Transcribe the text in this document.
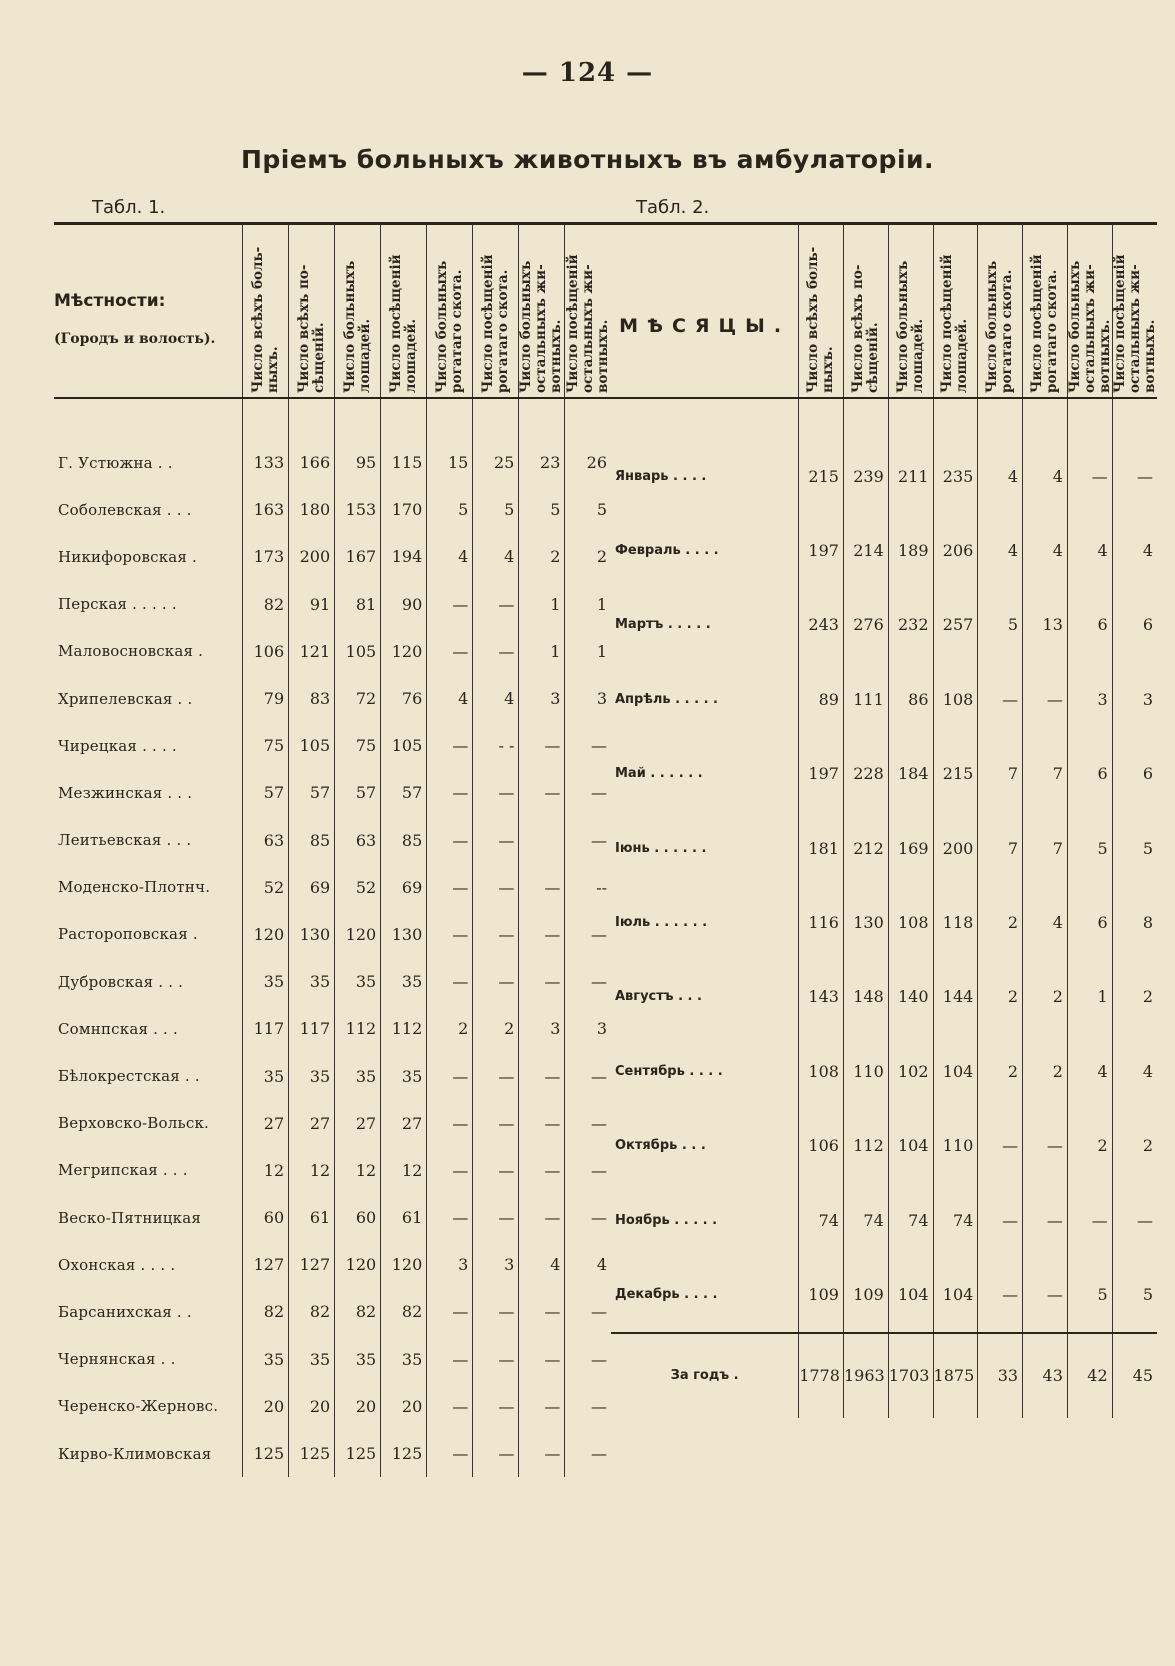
— 124 —
Пріемъ больныхъ животныхъ въ амбулаторіи.
Табл. 1.	Табл. 2.
Мѣстности:
(Городъ и волость).	Число всѣхъ боль-
ныхъ.	Число всѣхъ по-
сѣщеній.	Число больныхъ
лошадей.	Число посѣщеній
лошадей.	Число больныхъ
рогатаго скота.	Число посѣщеній
рогатаго скота.	Число больныхъ
остальныхъ жи-
вотныхъ.	Число посѣщеній
остальныхъ жи-
вотныхъ.

Г. Устюжна . .	133	166	95	115	15	25	23	26
Соболевская . . .	163	180	153	170	5	5	5	5
Никифоровская .	173	200	167	194	4	4	2	2
Перская . . . . .	82	91	81	90	—	—	1	1
Маловосновская .	106	121	105	120	—	—	1	1
Хрипелевская . .	79	83	72	76	4	4	3	3
Чирецкая . . . .	75	105	75	105	—	- -	—	—
Мезжинская . . .	57	57	57	57	—	—	—	—
Леитьевская . . .	63	85	63	85	—	—		—
Моденско-Плотнч.	52	69	52	69	—	—	—	--
Растороповская .	120	130	120	130	—	—	—	—
Дубровская . . .	35	35	35	35	—	—	—	—
Сомнпская . . .	117	117	112	112	2	2	3	3
Бѣлокрестская . .	35	35	35	35	—	—	—	—
Верховско-Вольск.	27	27	27	27	—	—	—	—
Мегрипская . . .	12	12	12	12	—	—	—	—
Веско-Пятницкая	60	61	60	61	—	—	—	—
Охонская . . . .	127	127	120	120	3	3	4	4
Барсанихская . .	82	82	82	82	—	—	—	—
Чернянская . .	35	35	35	35	—	—	—	—
Черенско-Жерновс.	20	20	20	20	—	—	—	—
Кирво-Климовская	125	125	125	125	—	—	—	—
МѢСЯЦЫ.	Число всѣхъ боль-
ныхъ.	Число всѣхъ по-
сѣщеній.	Число больныхъ
лошадей.	Число посѣщеній
лошадей.	Число больныхъ
рогатаго скота.	Число посѣщеній
рогатаго скота.	Число больныхъ
остальныхъ жи-
вотныхъ.	Число посѣщеній
остальныхъ жи-
вотныхъ.

Январь . . . .	215	239	211	235	4	4	—	—
Февраль . . . .	197	214	189	206	4	4	4	4
Мартъ . . . . .	243	276	232	257	5	13	6	6
Апрѣль . . . . .	89	111	86	108	—	—	3	3
Май . . . . . .	197	228	184	215	7	7	6	6
Іюнь . . . . . .	181	212	169	200	7	7	5	5
Іюль . . . . . .	116	130	108	118	2	4	6	8
Августъ . . .	143	148	140	144	2	2	1	2
Сентябрь . . . .	108	110	102	104	2	2	4	4
Октябрь . . .	106	112	104	110	—	—	2	2
Ноябрь . . . . .	74	74	74	74	—	—	—	—
Декабрь . . . .	109	109	104	104	—	—	5	5
За годъ .	1778	1963	1703	1875	33	43	42	45
